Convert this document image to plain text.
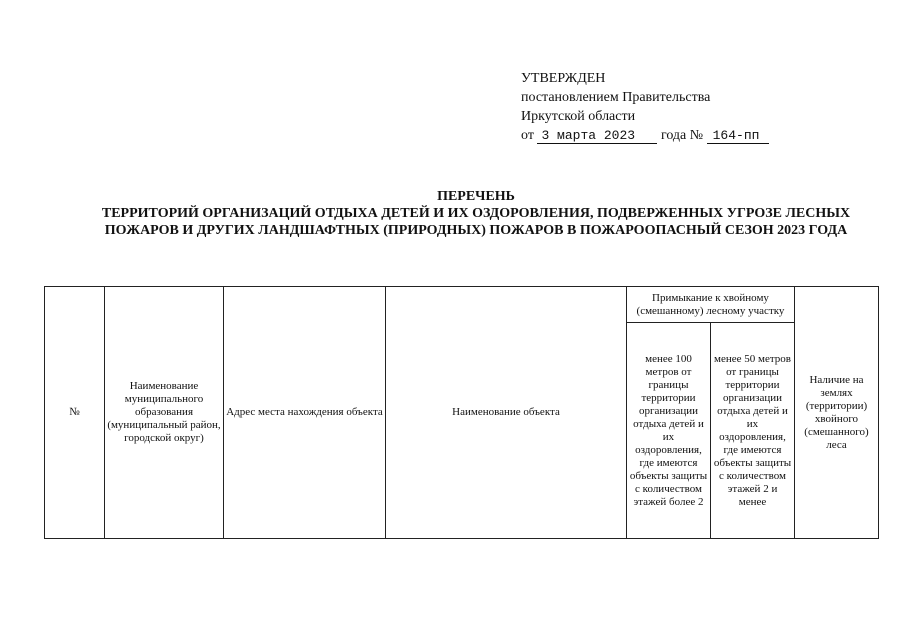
УТВЕРЖДЕН
постановлением Правительства
Иркутской области
от 3 марта 2023 года № 164-пп
ПЕРЕЧЕНЬ
ТЕРРИТОРИЙ ОРГАНИЗАЦИЙ ОТДЫХА ДЕТЕЙ И ИХ ОЗДОРОВЛЕНИЯ, ПОДВЕРЖЕННЫХ УГРОЗЕ ЛЕСНЫХ ПОЖАРОВ И ДРУГИХ ЛАНДШАФТНЫХ (ПРИРОДНЫХ) ПОЖАРОВ В ПОЖАРООПАСНЫЙ СЕЗОН 2023 ГОДА
№	Наименование муниципального образования (муниципальный район, городской округ)	Адрес места нахождения объекта	Наименование объекта	Примыкание к хвойному (смешанному) лесному участку		Наличие на землях (территории) хвойного (смешанного) леса
				менее 100 метров от границы территории организации отдыха детей и их оздоровления, где имеются объекты защиты с количеством этажей более 2	менее 50 метров от границы территории организации отдыха детей и их оздоровления, где имеются объекты защиты с количеством этажей 2 и менее	
